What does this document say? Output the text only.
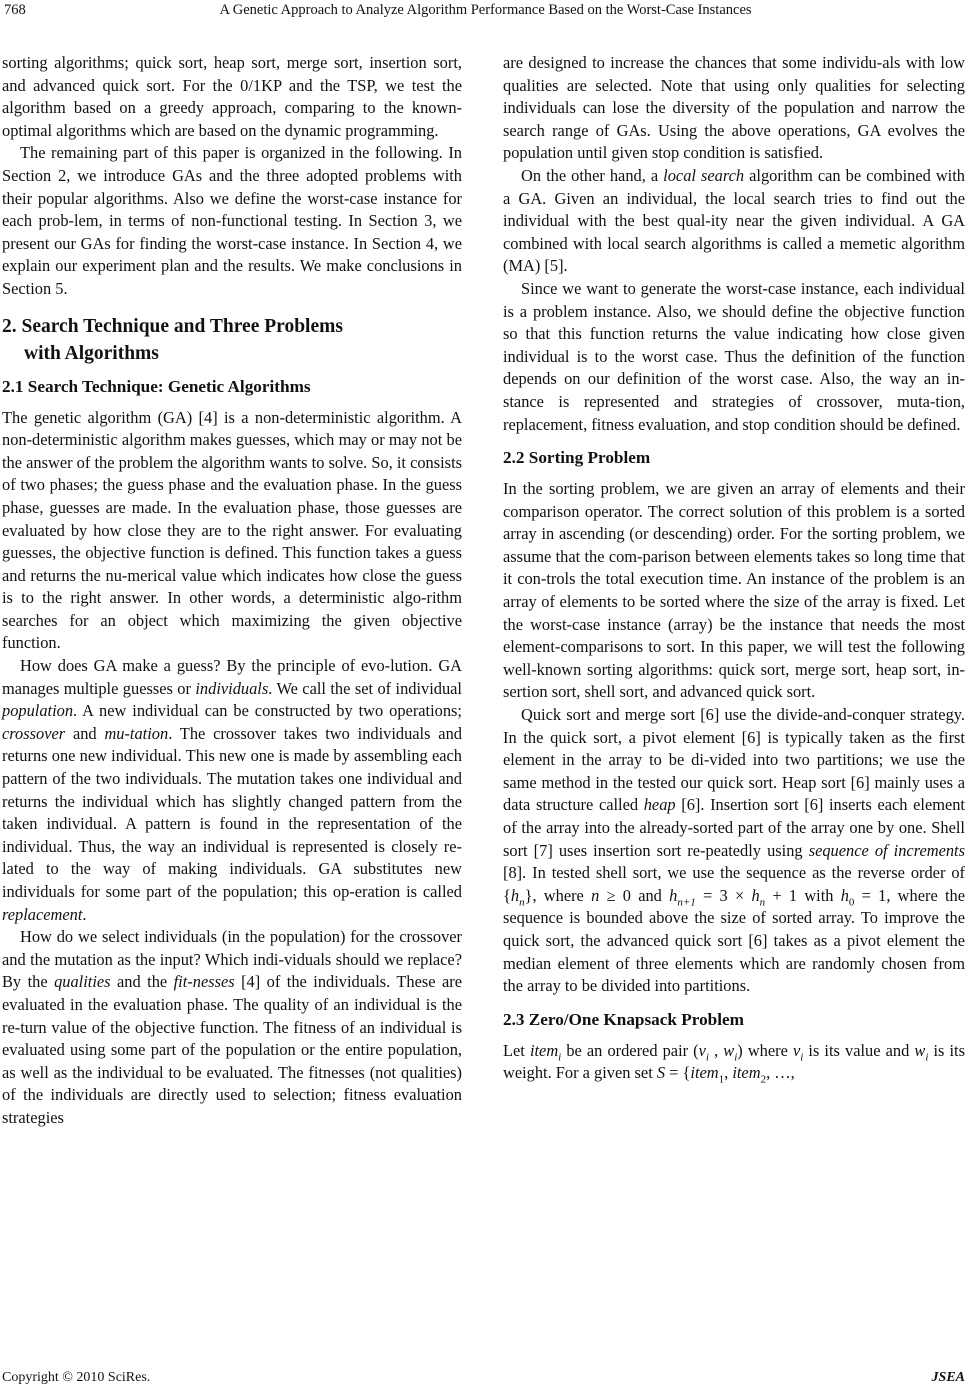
768	A Genetic Approach to Analyze Algorithm Performance Based on the Worst-Case Instances

sorting algorithms; quick sort, heap sort, merge sort, insertion sort, and advanced quick sort. For the 0/1KP and the TSP, we test the algorithm based on a greedy approach, comparing to the known-optimal algorithms which are based on the dynamic programming.

The remaining part of this paper is organized in the following. In Section 2, we introduce GAs and the three adopted problems with their popular algorithms. Also we define the worst-case instance for each prob-lem, in terms of non-functional testing. In Section 3, we present our GAs for finding the worst-case instance. In Section 4, we explain our experiment plan and the results. We make conclusions in Section 5.

2. Search Technique and Three Problems
with Algorithms
2.1 Search Technique: Genetic Algorithms

The genetic algorithm (GA) [4] is a non-deterministic algorithm. A non-deterministic algorithm makes guesses, which may or may not be the answer of the problem the algorithm wants to solve. So, it consists of two phases; the guess phase and the evaluation phase. In the guess phase, guesses are made. In the evaluation phase, those guesses are evaluated by how close they are to the right answer. For evaluating guesses, the objective function is defined. This function takes a guess and returns the nu-merical value which indicates how close the guess is to the right answer. In other words, a deterministic algo-rithm searches for an object which maximizing the given objective function.

How does GA make a guess? By the principle of evo-lution. GA manages multiple guesses or individuals. We call the set of individual population. A new individual can be constructed by two operations; crossover and mu-tation. The crossover takes two individuals and returns one new individual. This new one is made by assembling each pattern of the two individuals. The mutation takes one individual and returns the individual which has slightly changed pattern from the taken individual. A pattern is found in the representation of the individual. Thus, the way an individual is represented is closely re-lated to the way of making individuals. GA substitutes new individuals for some part of the population; this op-eration is called replacement.

How do we select individuals (in the population) for the crossover and the mutation as the input? Which indi-viduals should we replace? By the qualities and the fit-nesses [4] of the individuals. These are evaluated in the evaluation phase. The quality of an individual is the re-turn value of the objective function. The fitness of an individual is evaluated using some part of the population or the entire population, as well as the individual to be evaluated. The fitnesses (not qualities) of the individuals are directly used to selection; fitness evaluation strategies

are designed to increase the chances that some individu-als with low qualities are selected. Note that using only qualities for selecting individuals can lose the diversity of the population and narrow the search range of GAs. Using the above operations, GA evolves the population until given stop condition is satisfied.

On the other hand, a local search algorithm can be combined with a GA. Given an individual, the local search tries to find out the individual with the best qual-ity near the given individual. A GA combined with local search algorithms is called a memetic algorithm (MA) [5].

Since we want to generate the worst-case instance, each individual is a problem instance. Also, we should define the objective function so that this function returns the value indicating how close given individual is to the worst case. Thus the definition of the function depends on our definition of the worst case. Also, the way an in-stance is represented and strategies of crossover, muta-tion, replacement, fitness evaluation, and stop condition should be defined.

2.2 Sorting Problem

In the sorting problem, we are given an array of elements and their comparison operator. The correct solution of this problem is a sorted array in ascending (or descending) order. For the sorting problem, we assume that the com-parison between elements takes so long time that it con-trols the total execution time. An instance of the problem is an array of elements to be sorted where the size of the array is fixed. Let the worst-case instance (array) be the instance that needs the most element-comparisons to sort. In this paper, we will test the following well-known sorting algorithms: quick sort, merge sort, heap sort, in-sertion sort, shell sort, and advanced quick sort.

Quick sort and merge sort [6] use the divide-and-conquer strategy. In the quick sort, a pivot element [6] is typically taken as the first element in the array to be di-vided into two partitions; we use the same method in the tested our quick sort. Heap sort [6] mainly uses a data structure called heap [6]. Insertion sort [6] inserts each element of the array into the already-sorted part of the array one by one. Shell sort [7] uses insertion sort re-peatedly using sequence of increments [8]. In tested shell sort, we use the sequence as the reverse order of $\{h_n\}$, where n ≥ 0 and $h_{n+1} = 3 \times h_n + 1$ with $h_0 = 1$, where the sequence is bounded above the size of sorted array. To improve the quick sort, the advanced quick sort [6] takes as a pivot element the median element of three elements which are randomly chosen from the array to be divided into partitions.

2.3 Zero/One Knapsack Problem

Let item$_i$ be an ordered pair ($v_i$ , $w_i$) where $v_i$ is its value and $w_i$ is its weight. For a given set S = {item$_1$, item$_2$, …,

Copyright © 2010 SciRes.	JSEA
